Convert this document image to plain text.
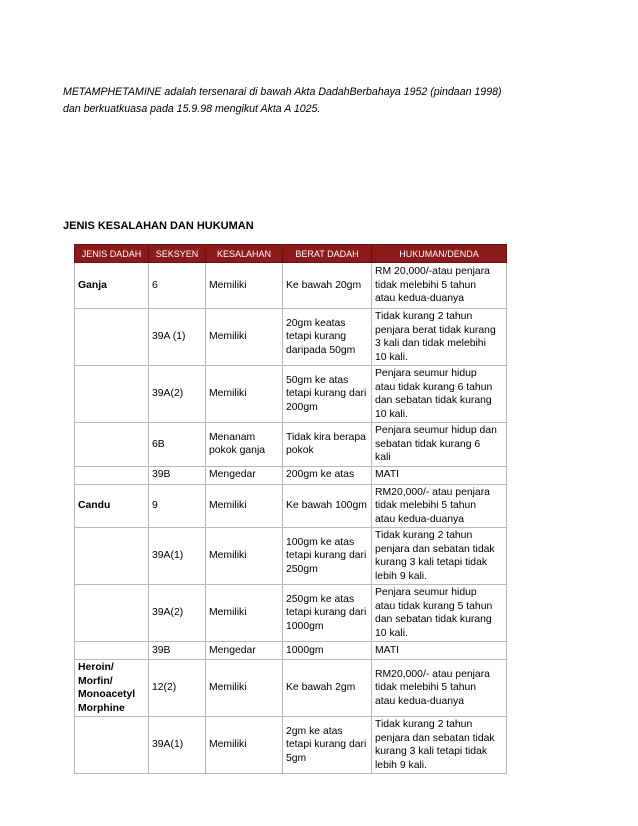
METAMPHETAMINE adalah tersenarai di bawah Akta DadahBerbahaya 1952 (pindaan 1998) dan berkuatkuasa pada 15.9.98 mengikut Akta A 1025.

JENIS KESALAHAN DAN HUKUMAN
JENIS DADAH	SEKSYEN	KESALAHAN	BERAT DADAH	HUKUMAN/DENDA
Ganja	6	Memiliki	Ke bawah 20gm	RM 20,000/-atau penjara
tidak melebihi 5 tahun
atau kedua-duanya
	39A (1)	Memiliki	20gm keatas
tetapi kurang
daripada 50gm	Tidak kurang 2 tahun
penjara berat tidak kurang
3 kali dan tidak melebihi
10 kali.
	39A(2)	Memiliki	50gm ke atas
tetapi kurang dari
200gm	Penjara seumur hidup
atau tidak kurang 6 tahun
dan sebatan tidak kurang
10 kali.
	6B	Menanam
pokok ganja	Tidak kira berapa
pokok	Penjara seumur hidup dan
sebatan tidak kurang 6
kali
	39B	Mengedar	200gm ke atas	MATI
Candu	9	Memiliki	Ke bawah 100gm	RM20,000/- atau penjara
tidak melebihi 5 tahun
atau kedua-duanya
	39A(1)	Memiliki	100gm ke atas
tetapi kurang dari
250gm	Tidak kurang 2 tahun
penjara dan sebatan tidak
kurang 3 kali tetapi tidak
lebih 9 kali.
	39A(2)	Memiliki	250gm ke atas
tetapi kurang dari
1000gm	Penjara seumur hidup
atau tidak kurang 5 tahun
dan sebatan tidak kurang
10 kali.
	39B	Mengedar	1000gm	MATI
Heroin/
Morfin/
Monoacetyl
Morphine	12(2)	Memiliki	Ke bawah 2gm	RM20,000/- atau penjara
tidak melebihi 5 tahun
atau kedua-duanya
	39A(1)	Memiliki	2gm ke atas
tetapi kurang dari
5gm	Tidak kurang 2 tahun
penjara dan sebatan tidak
kurang 3 kali tetapi tidak
lebih 9 kali.
